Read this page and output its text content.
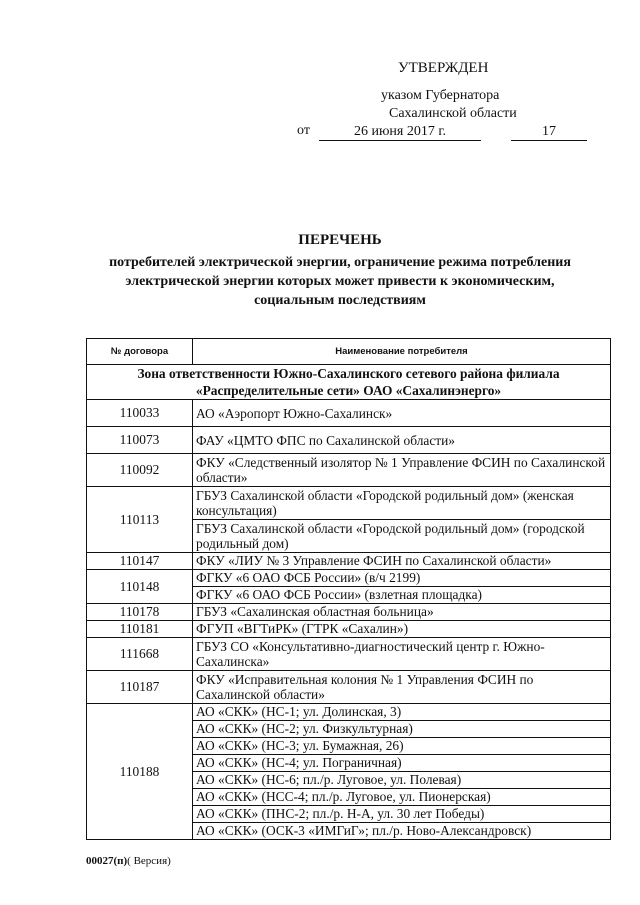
УТВЕРЖДЕН
указом Губернатора
Сахалинской области
от	26 июня 2017 г.	17
ПЕРЕЧЕНЬ
потребителей электрической энергии, ограничение режима потребления
электрической энергии которых может привести к экономическим,
социальным последствиям
№ договора	Наименование потребителя

Зона ответственности Южно-Сахалинского сетевого района филиала
«Распределительные сети» ОАО «Сахалинэнерго»	

110033	АО «Аэропорт Южно-Сахалинск»
110073	ФАУ «ЦМТО ФПС по Сахалинской области»
110092	ФКУ «Следственный изолятор № 1 Управление ФСИН по Сахалинской области»
110113	ГБУЗ Сахалинской области «Городской родильный дом» (женская консультация)
	ГБУЗ Сахалинской области «Городской родильный дом» (городской родильный дом)
110147	ФКУ «ЛИУ № 3 Управление ФСИН по Сахалинской области»
110148	ФГКУ «6 ОАО ФСБ России» (в/ч 2199)
	ФГКУ «6 ОАО ФСБ России» (взлетная площадка)
110178	ГБУЗ «Сахалинская областная больница»
110181	ФГУП «ВГТиРК» (ГТРК «Сахалин»)
111668	ГБУЗ СО «Консультативно-диагностический центр г. Южно-Сахалинска»
110187	ФКУ «Исправительная колония № 1 Управления ФСИН по Сахалинской области»
110188	АО «СКК» (НС-1; ул. Долинская, 3)
	АО «СКК» (НС-2; ул. Физкультурная)
	АО «СКК» (НС-3; ул. Бумажная, 26)
	АО «СКК» (НС-4; ул. Пограничная)
	АО «СКК» (НС-6; пл./р. Луговое, ул. Полевая)
	АО «СКК» (НСС-4; пл./р. Луговое, ул. Пионерская)
	АО «СКК» (ПНС-2; пл./р. Н-А, ул. 30 лет Победы)
	АО «СКК» (ОСК-3 «ИМГиГ»; пл./р. Ново-Александровск)
00027(п)( Версия)
